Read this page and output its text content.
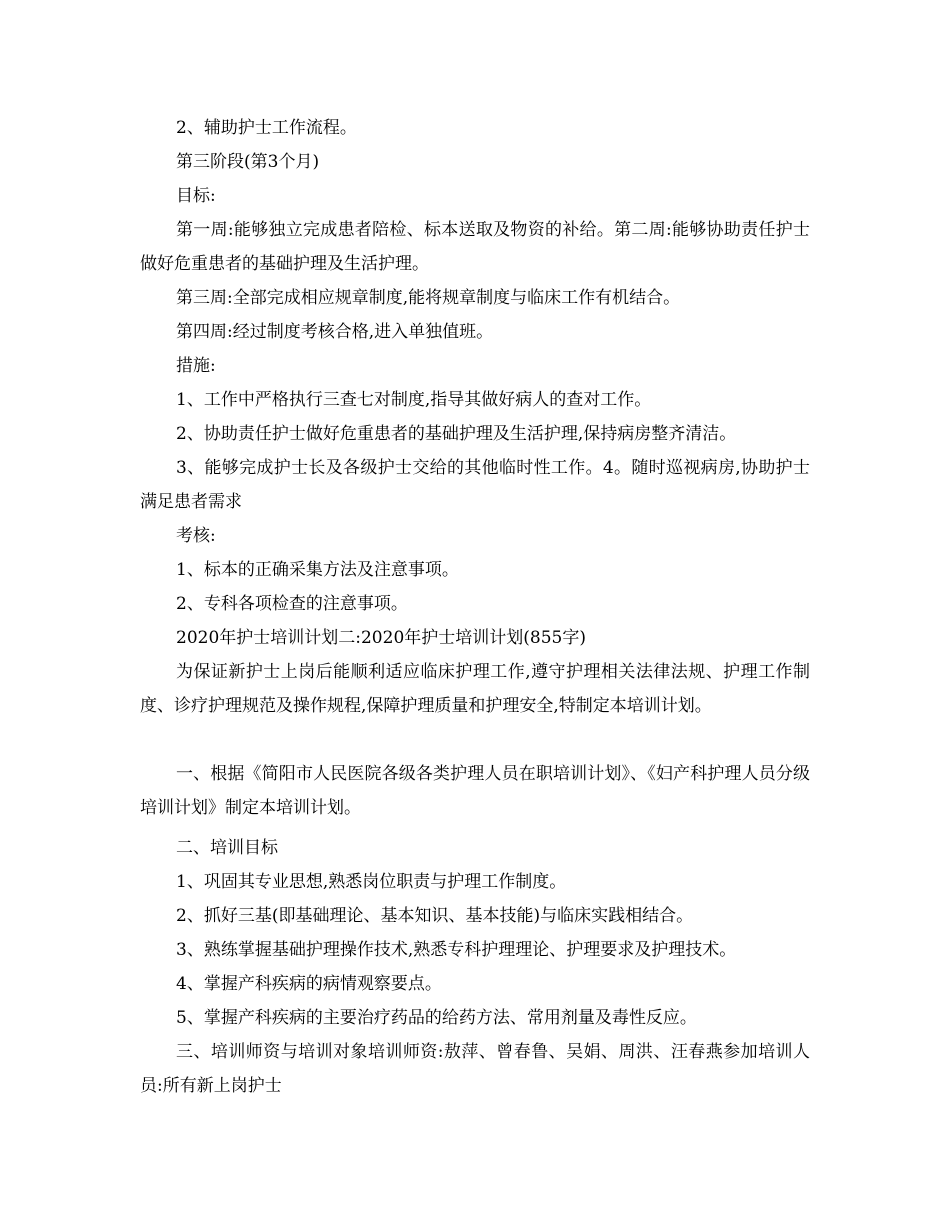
2、辅助护士工作流程。

第三阶段(第3个月)

目标:

第一周:能够独立完成患者陪检、标本送取及物资的补给。第二周:能够协助责任护士做好危重患者的基础护理及生活护理。

第三周:全部完成相应规章制度,能将规章制度与临床工作有机结合。

第四周:经过制度考核合格,进入单独值班。

措施:

1、工作中严格执行三查七对制度,指导其做好病人的查对工作。

2、协助责任护士做好危重患者的基础护理及生活护理,保持病房整齐清洁。

3、能够完成护士长及各级护士交给的其他临时性工作。4。随时巡视病房,协助护士满足患者需求

考核:

1、标本的正确采集方法及注意事项。

2、专科各项检查的注意事项。

2020年护士培训计划二:2020年护士培训计划(855字)

为保证新护士上岗后能顺利适应临床护理工作,遵守护理相关法律法规、护理工作制度、诊疗护理规范及操作规程,保障护理质量和护理安全,特制定本培训计划。

一、根据《简阳市人民医院各级各类护理人员在职培训计划》、《妇产科护理人员分级培训计划》制定本培训计划。

二、培训目标

1、巩固其专业思想,熟悉岗位职责与护理工作制度。

2、抓好三基(即基础理论、基本知识、基本技能)与临床实践相结合。

3、熟练掌握基础护理操作技术,熟悉专科护理理论、护理要求及护理技术。

4、掌握产科疾病的病情观察要点。

5、掌握产科疾病的主要治疗药品的给药方法、常用剂量及毒性反应。

三、培训师资与培训对象培训师资:敖萍、曾春鲁、吴娟、周洪、汪春燕参加培训人员:所有新上岗护士
